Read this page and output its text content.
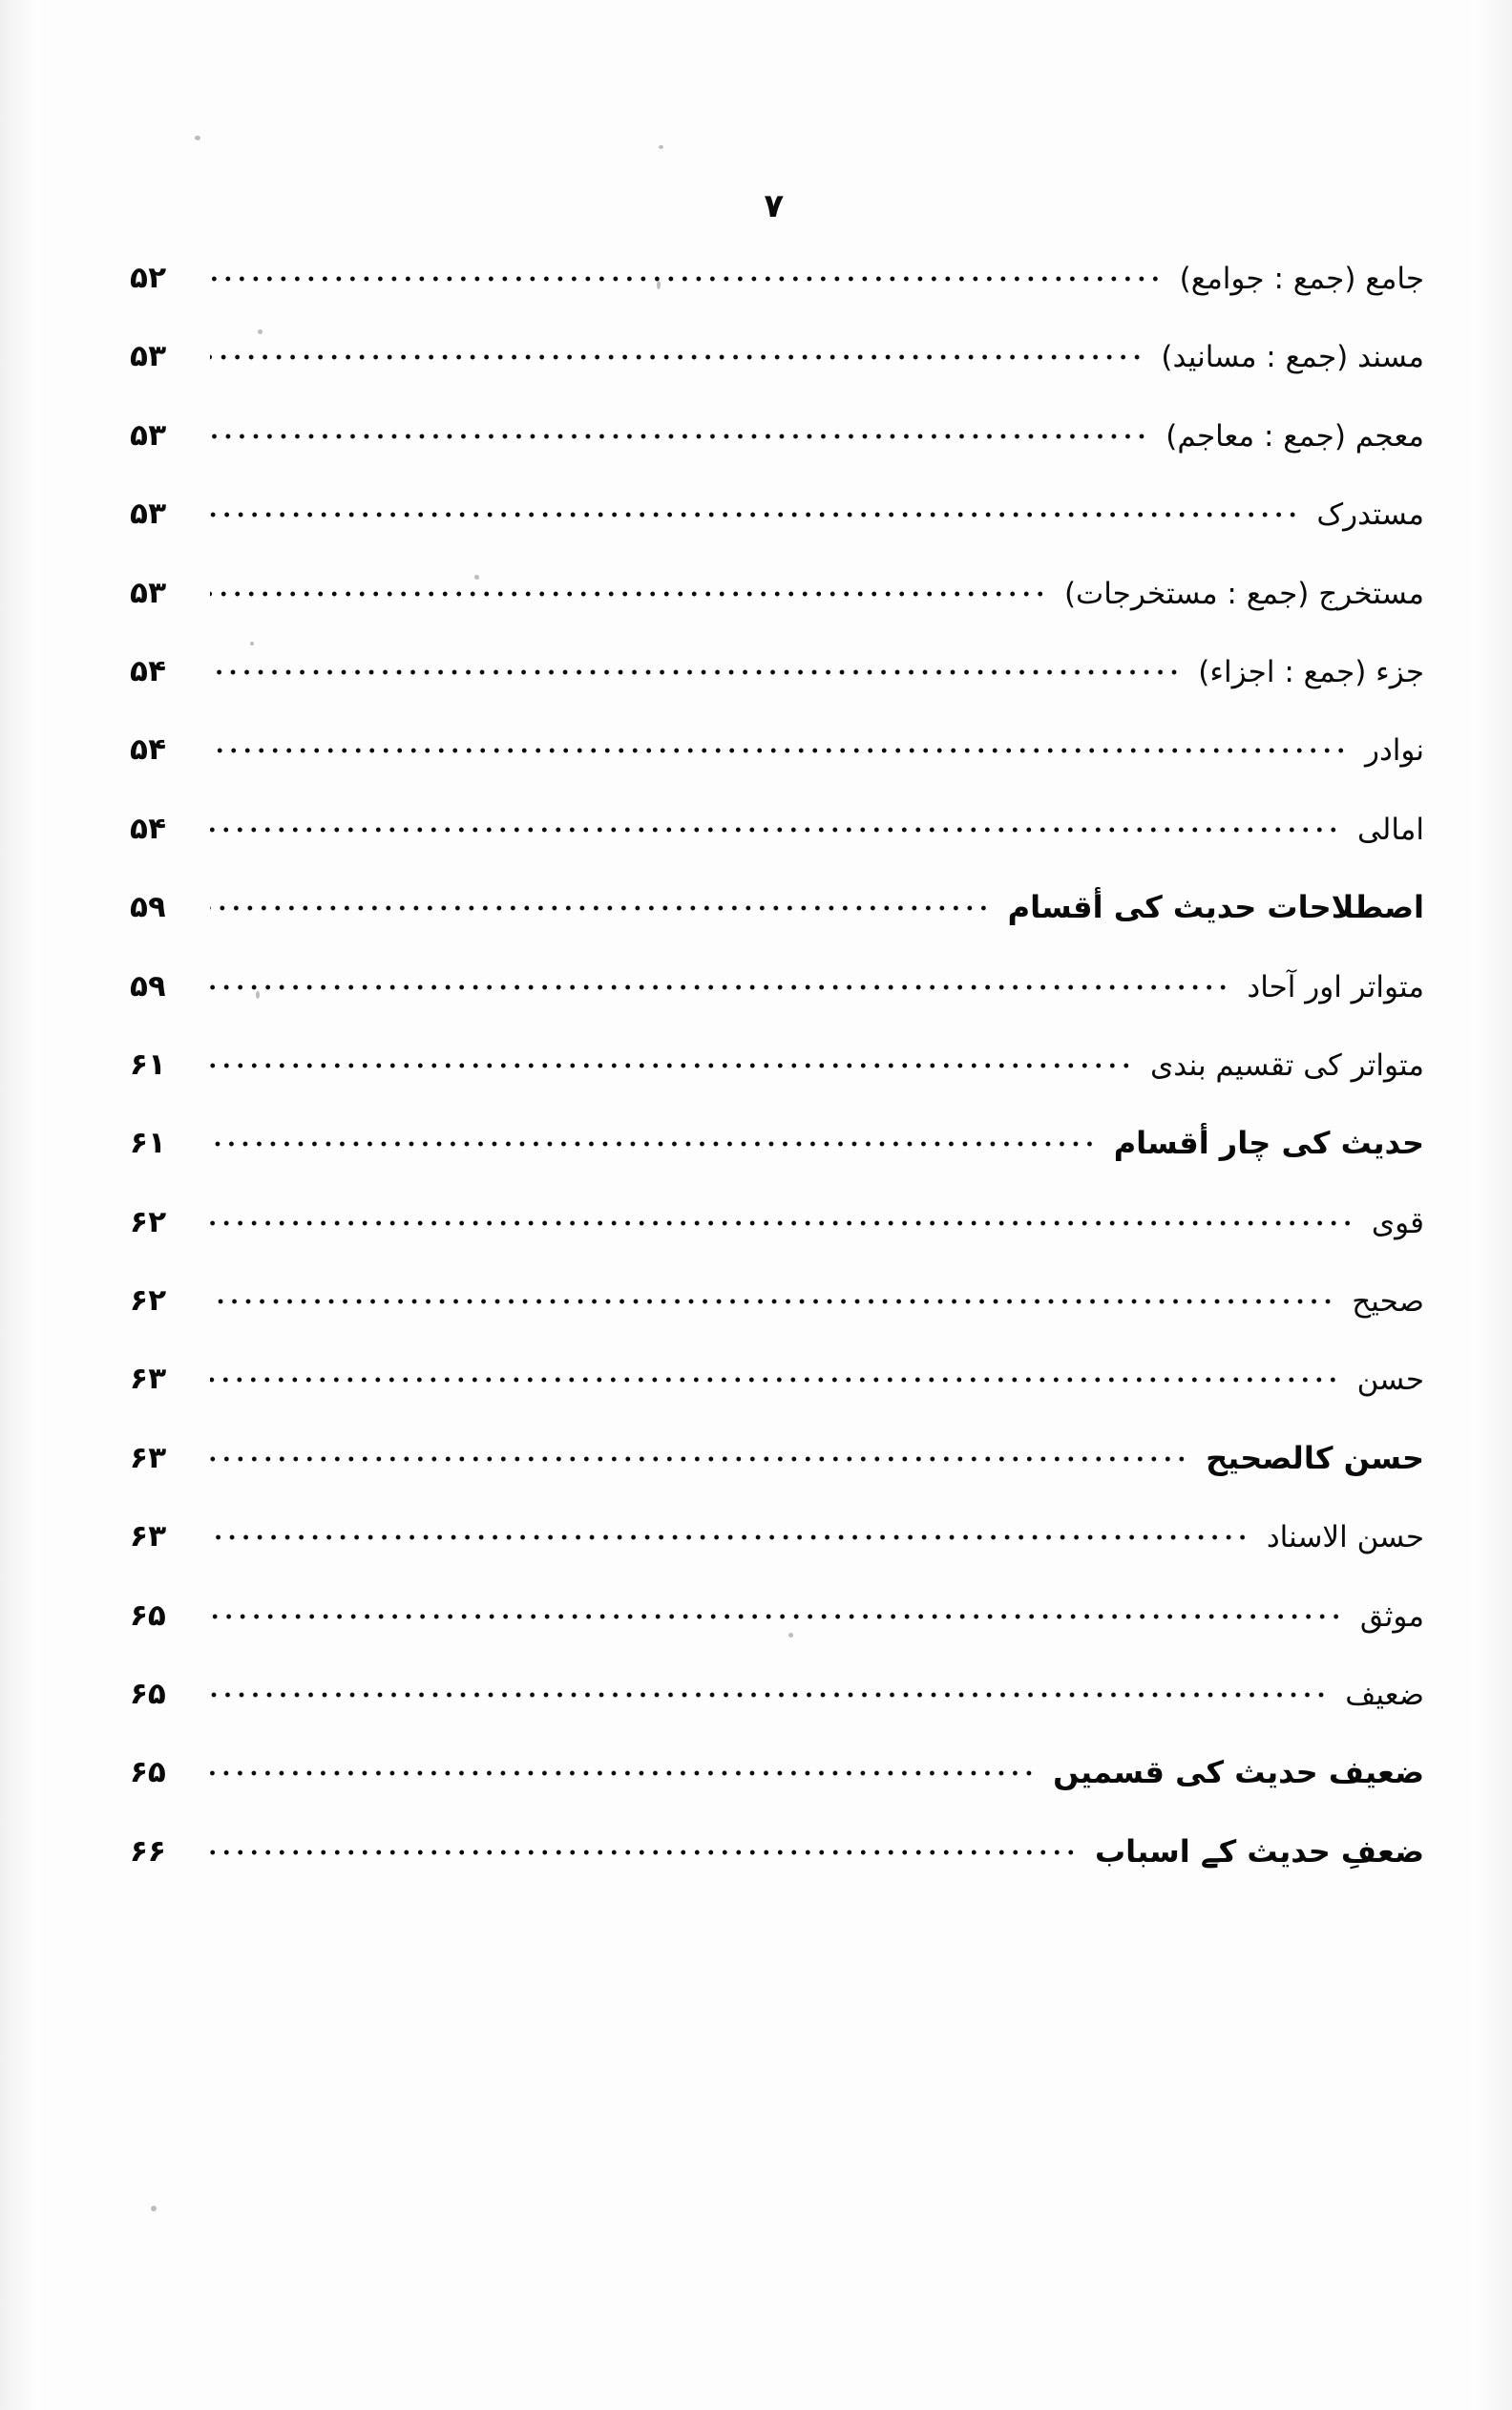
۷
جامع (جمع : جوامع)
۵۲
مسند (جمع : مسانید)
۵۳
معجم (جمع : معاجم)
۵۳
مستدرک
۵۳
مستخرج (جمع : مستخرجات)
۵۳
جزء (جمع : اجزاء)
۵۴
نوادر
۵۴
امالی
۵۴
اصطلاحات حدیث کی أقسام
۵۹
متواتر اور آحاد
۵۹
متواتر کی تقسیم بندی
۶۱
حدیث کی چار أقسام
۶۱
قوی
۶۲
صحیح
۶۲
حسن
۶۳
حسن کالصحیح
۶۳
حسن الاسناد
۶۳
موثق
۶۵
ضعیف
۶۵
ضعیف حدیث کی قسمیں
۶۵
ضعفِ حدیث کے اسباب
۶۶
